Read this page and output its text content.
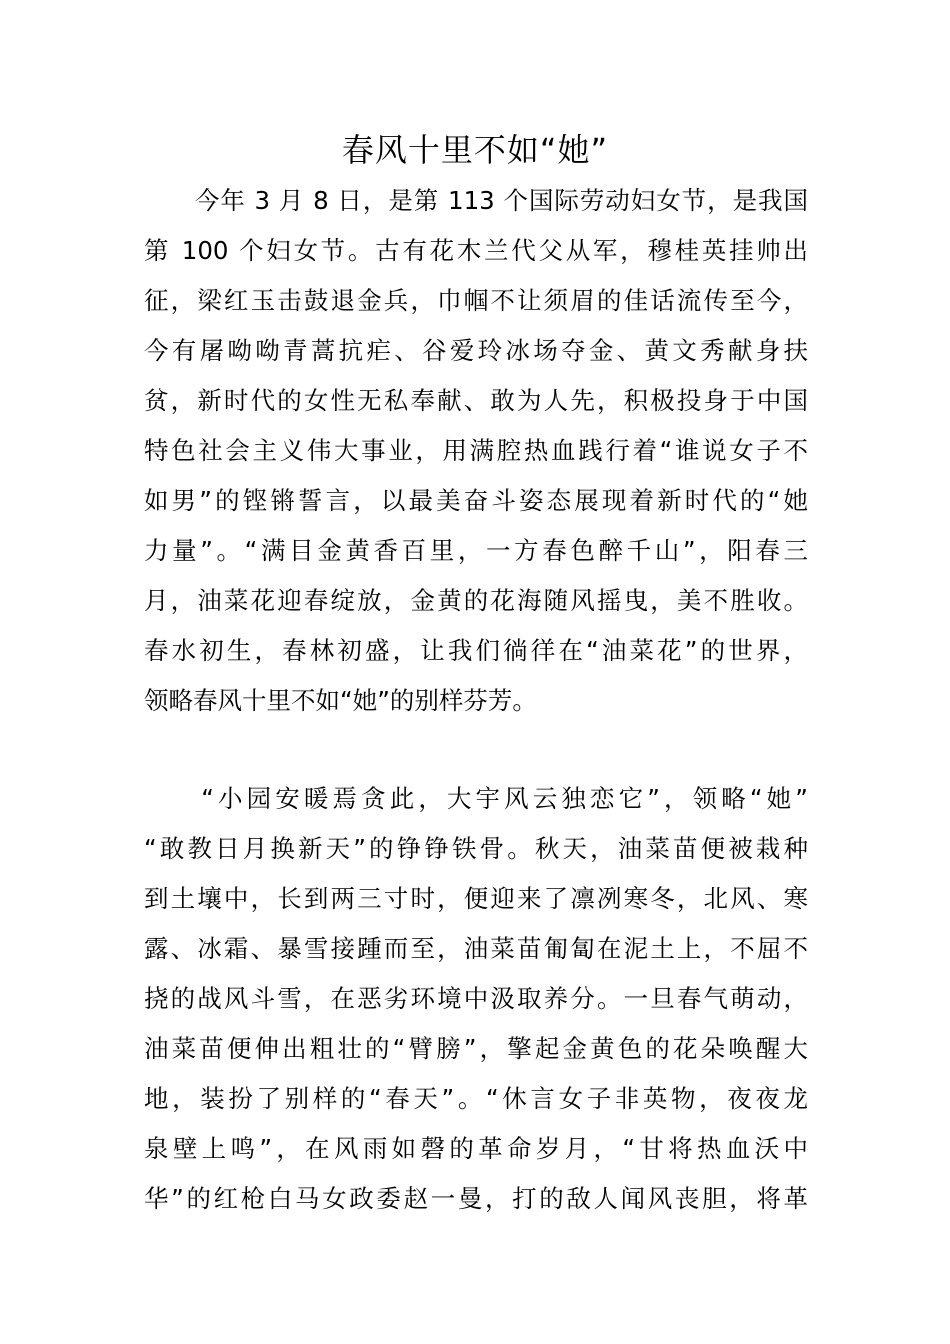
春风十里不如“她”
　　今年 3 月 8 日，是第 113 个国际劳动妇女节，是我国
第 100 个妇女节。古有花木兰代父从军，穆桂英挂帅出
征，梁红玉击鼓退金兵，巾帼不让须眉的佳话流传至今，
今有屠呦呦青蒿抗疟、谷爱玲冰场夺金、黄文秀献身扶
贫，新时代的女性无私奉献、敢为人先，积极投身于中国
特色社会主义伟大事业，用满腔热血践行着“谁说女子不
如男”的铿锵誓言，以最美奋斗姿态展现着新时代的“她
力量”。“满目金黄香百里，一方春色醉千山”，阳春三
月，油菜花迎春绽放，金黄的花海随风摇曳，美不胜收。
春水初生，春林初盛，让我们徜徉在“油菜花”的世界，
领略春风十里不如“她”的别样芬芳。
　　“小园安暖焉贪此，大宇风云独恋它”，领略“她”
“敢教日月换新天”的铮铮铁骨。秋天，油菜苗便被栽种
到土壤中，长到两三寸时，便迎来了凛冽寒冬，北风、寒
露、冰霜、暴雪接踵而至，油菜苗匍匐在泥土上，不屈不
挠的战风斗雪，在恶劣环境中汲取养分。一旦春气萌动，
油菜苗便伸出粗壮的“臂膀”，擎起金黄色的花朵唤醒大
地，装扮了别样的“春天”。“休言女子非英物，夜夜龙
泉壁上鸣”，在风雨如磬的革命岁月，“甘将热血沃中
华”的红枪白马女政委赵一曼，打的敌人闻风丧胆，将革
